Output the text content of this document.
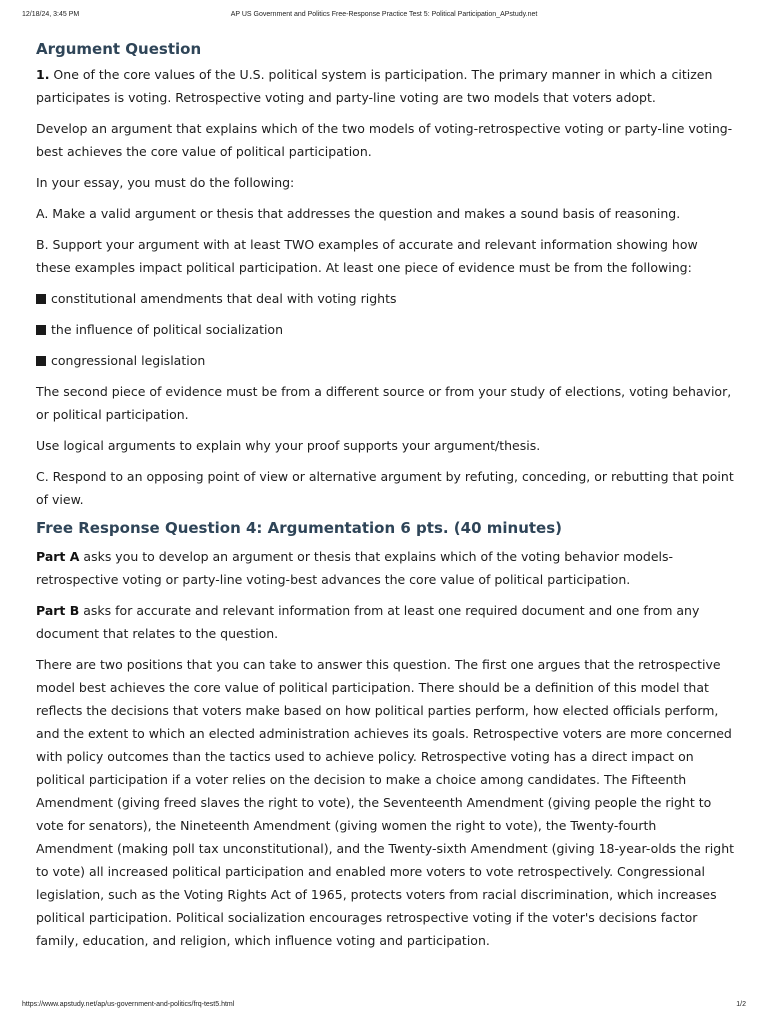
12/18/24, 3:45 PM	AP US Government and Politics Free-Response Practice Test 5: Political Participation_APstudy.net
Argument Question

1. One of the core values of the U.S. political system is participation. The primary manner in which a citizen participates is voting. Retrospective voting and party-line voting are two models that voters adopt.

Develop an argument that explains which of the two models of voting-retrospective voting or party-line voting-best achieves the core value of political participation.

In your essay, you must do the following:

A. Make a valid argument or thesis that addresses the question and makes a sound basis of reasoning.

B. Support your argument with at least TWO examples of accurate and relevant information showing how these examples impact political participation. At least one piece of evidence must be from the following:

constitutional amendments that deal with voting rights

the influence of political socialization

congressional legislation

The second piece of evidence must be from a different source or from your study of elections, voting behavior, or political participation.

Use logical arguments to explain why your proof supports your argument/thesis.

C. Respond to an opposing point of view or alternative argument by refuting, conceding, or rebutting that point of view.

Free Response Question 4: Argumentation 6 pts. (40 minutes)

Part A asks you to develop an argument or thesis that explains which of the voting behavior models-retrospective voting or party-line voting-best advances the core value of political participation.

Part B asks for accurate and relevant information from at least one required document and one from any document that relates to the question.

There are two positions that you can take to answer this question. The first one argues that the retrospective model best achieves the core value of political participation. There should be a definition of this model that reflects the decisions that voters make based on how political parties perform, how elected officials perform, and the extent to which an elected administration achieves its goals. Retrospective voters are more concerned with policy outcomes than the tactics used to achieve policy. Retrospective voting has a direct impact on political participation if a voter relies on the decision to make a choice among candidates. The Fifteenth Amendment (giving freed slaves the right to vote), the Seventeenth Amendment (giving people the right to vote for senators), the Nineteenth Amendment (giving women the right to vote), the Twenty-fourth Amendment (making poll tax unconstitutional), and the Twenty-sixth Amendment (giving 18-year-olds the right to vote) all increased political participation and enabled more voters to vote retrospectively. Congressional legislation, such as the Voting Rights Act of 1965, protects voters from racial discrimination, which increases political participation. Political socialization encourages retrospective voting if the voter's decisions factor family, education, and religion, which influence voting and participation.

https://www.apstudy.net/ap/us-government-and-politics/frq-test5.html	1/2
